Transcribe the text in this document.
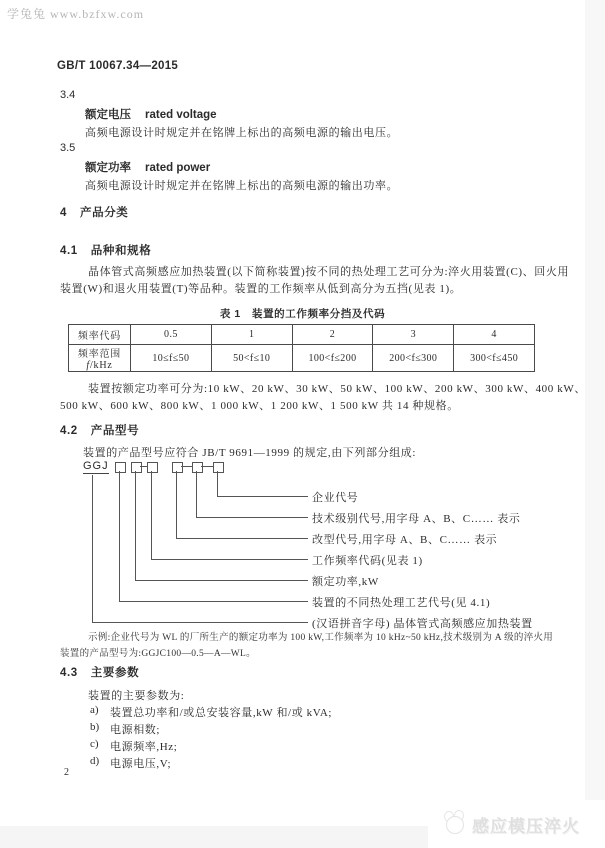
学兔兔 www.bzfxw.com
GB/T 10067.34—2015
3.4
额定电压 rated voltage
高频电源设计时规定并在铭牌上标出的高频电源的输出电压。
3.5
额定功率 rated power
高频电源设计时规定并在铭牌上标出的高频电源的输出功率。
4 产品分类
4.1 品种和规格
晶体管式高频感应加热装置(以下简称装置)按不同的热处理工艺可分为:淬火用装置(C)、回火用
装置(W)和退火用装置(T)等品种。装置的工作频率从低到高分为五挡(见表 1)。
表 1　装置的工作频率分挡及代码
频率代码	0.5	1	2	3	4
频率范围 f/kHz	10≤f≤50	50<f≤10	100<f≤200	200<f≤300	300<f≤450
装置按额定功率可分为:10 kW、20 kW、30 kW、50 kW、100 kW、200 kW、300 kW、400 kW、
500 kW、600 kW、800 kW、1 000 kW、1 200 kW、1 500 kW 共 14 种规格。
4.2 产品型号
装置的产品型号应符合 JB/T 9691—1999 的规定,由下列部分组成:
GGJ
企业代号
技术级别代号,用字母 A、B、C…… 表示
改型代号,用字母 A、B、C…… 表示
工作频率代码(见表 1)
额定功率,kW
装置的不同热处理工艺代号(见 4.1)
(汉语拼音字母) 晶体管式高频感应加热装置
示例:企业代号为 WL 的厂所生产的额定功率为 100 kW,工作频率为 10 kHz~50 kHz,技术级别为 A 级的淬火用
装置的产品型号为:GGJC100—0.5—A—WL。
4.3 主要参数
装置的主要参数为:
a) 装置总功率和/或总安装容量,kW 和/或 kVA;
b) 电源相数;
c) 电源频率,Hz;
d) 电源电压,V;
2
感应模压淬火
